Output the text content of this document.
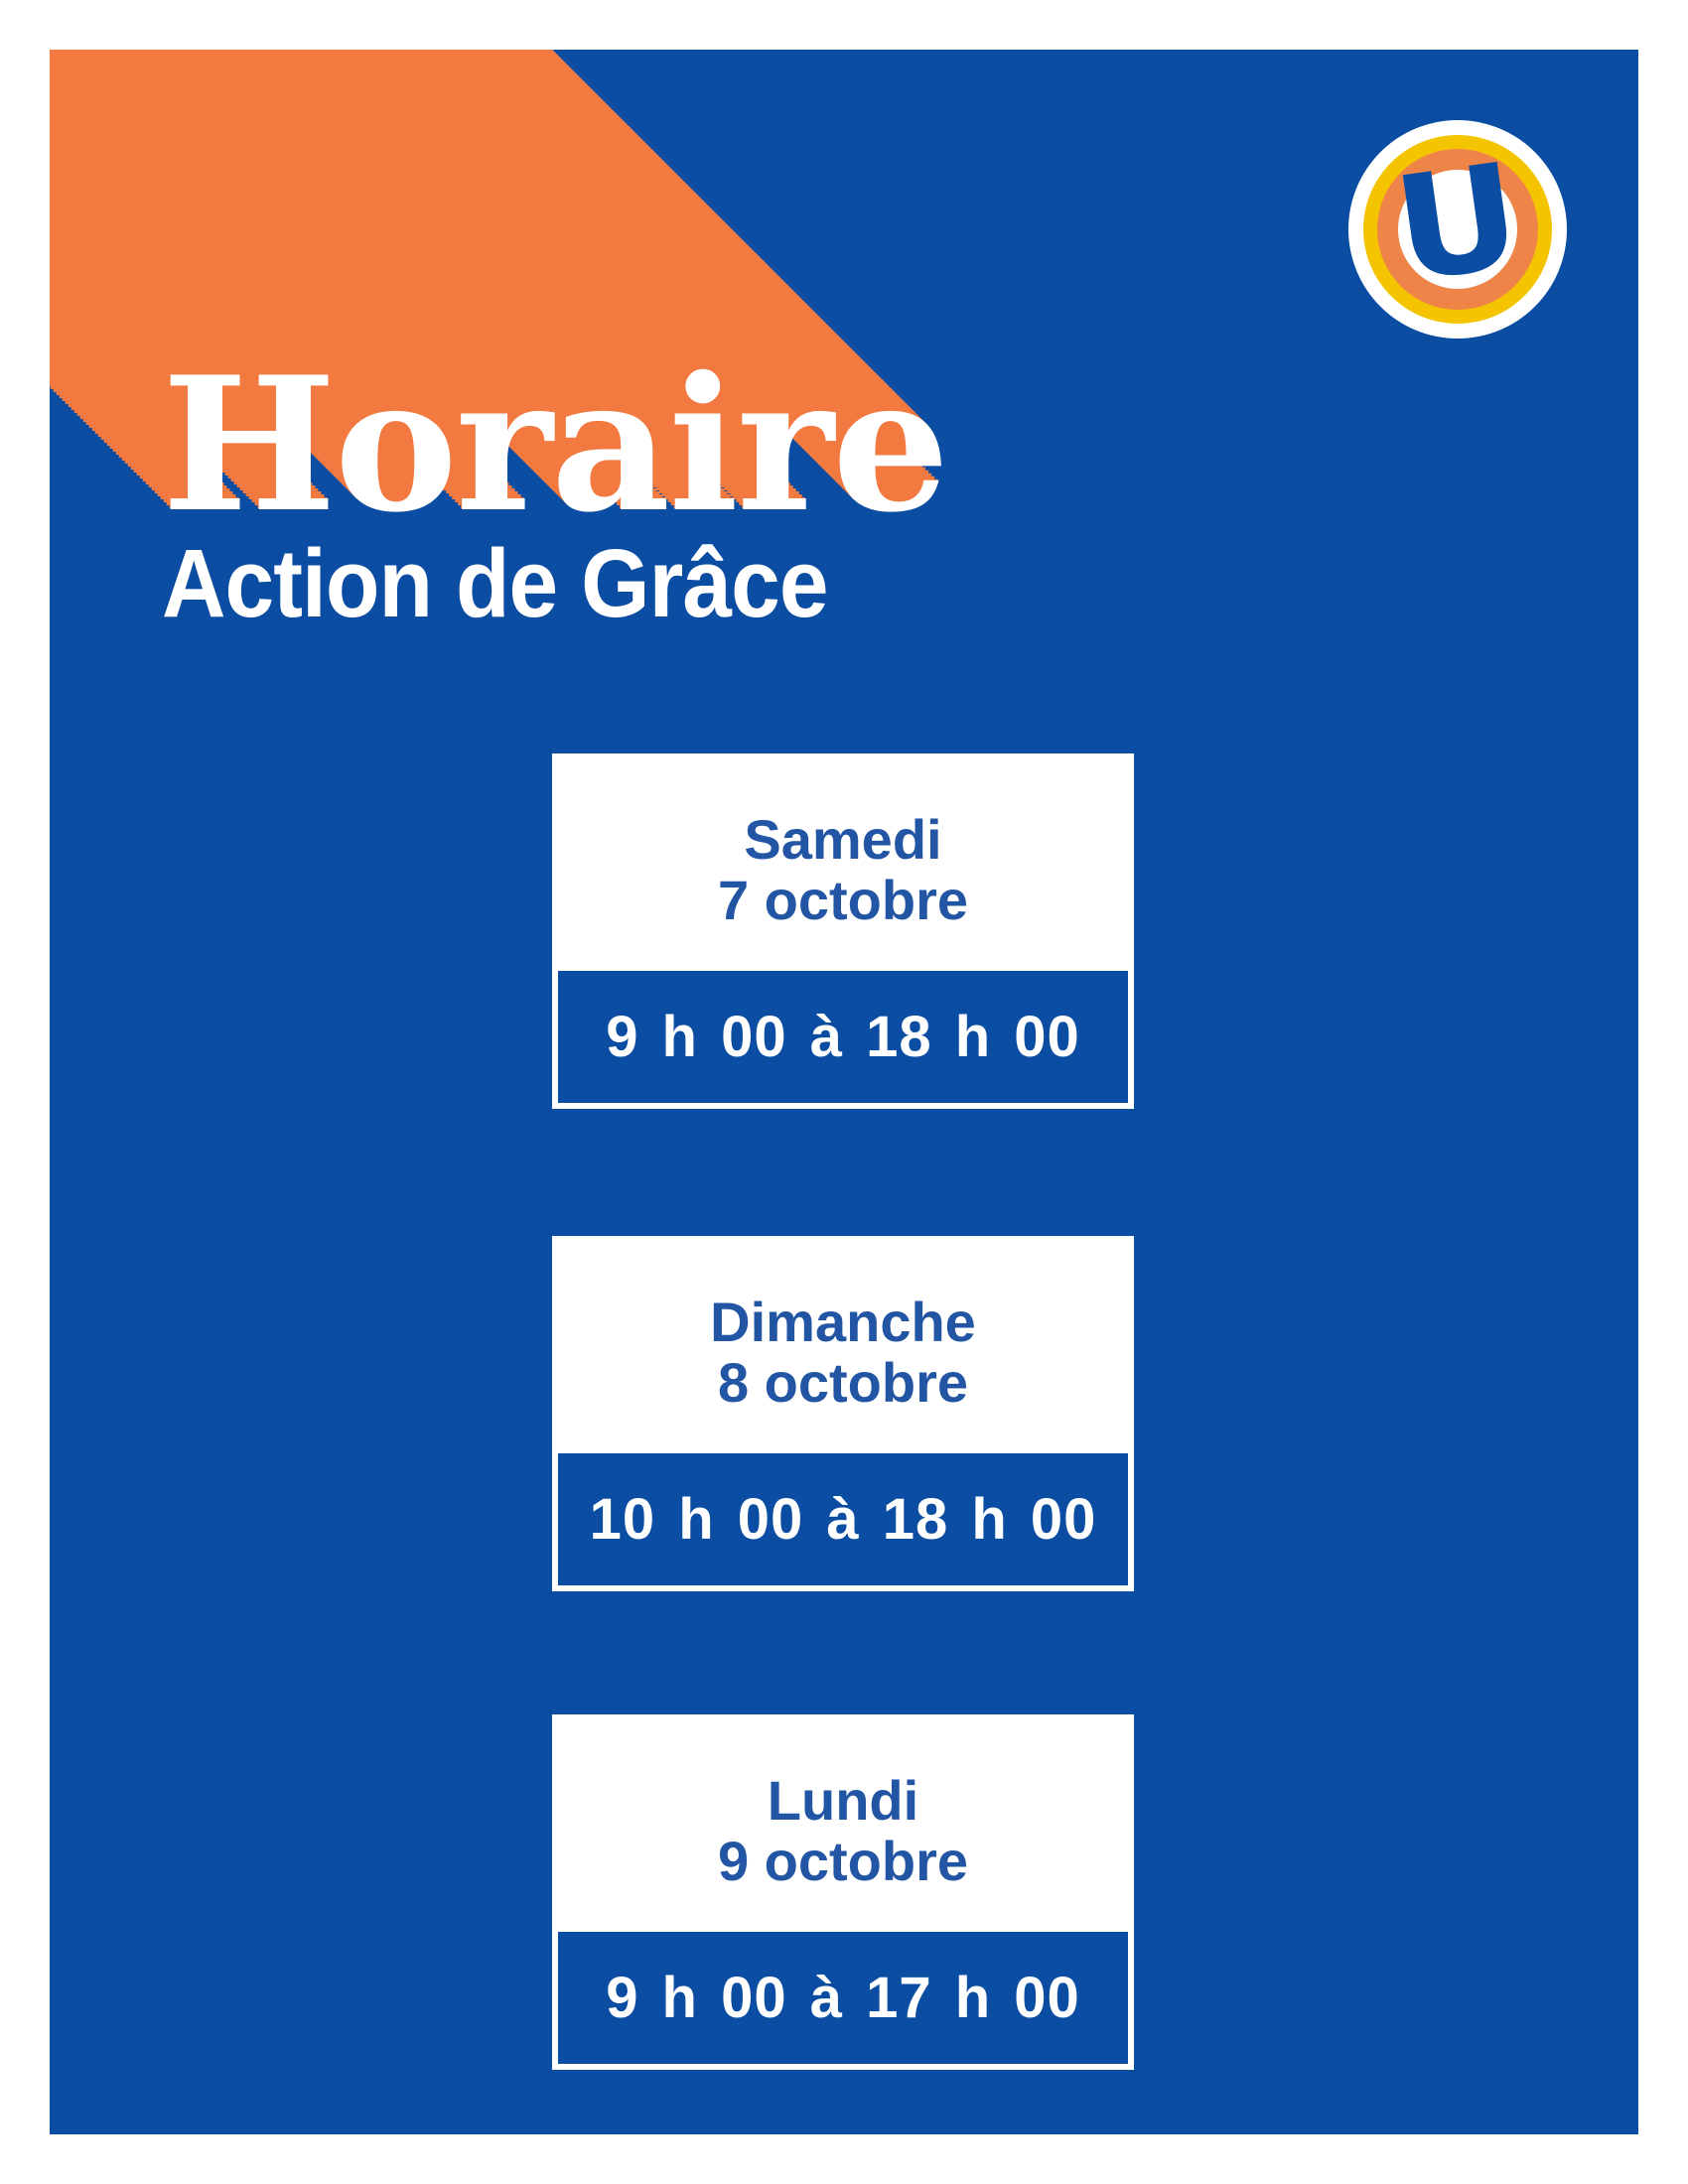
Horaire
Action de Grâce
U
Samedi
7 octobre
9 h 00 à 18 h 00
Dimanche
8 octobre
10 h 00 à 18 h 00
Lundi
9 octobre
9 h 00 à 17 h 00
